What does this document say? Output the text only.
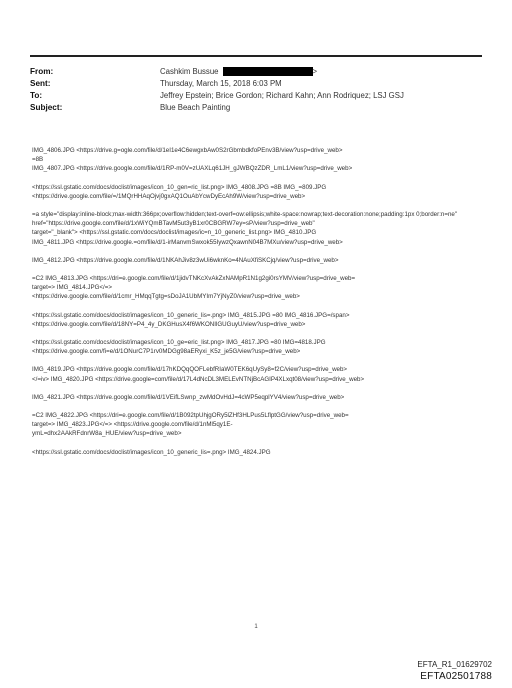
From:	Cashkim Bussue	>
Sent:	Thursday, March 15, 2018 6:03 PM
To:	Jeffrey Epstein; Brice Gordon; Richard Kahn; Ann Rodriquez; LSJ GSJ
Subject:	Blue Beach Painting

IMG_4806.JPG <https://drive.g=ogle.com/file/d/1eI1e4C6ewgxbAw0S2rGbmbdkfoPEnv3B/view?usp=drive_web>
=8B
IMG_4807.JPG <https://drive.google.com/file/d/1RP-m0V=zUAXLq61JH_gJWBQzZDR_LmL1/view?usp=drive_web>

<https://ssl.gstatic.com/docs/doclist/images/icon_10_gen=ric_list.png> IMG_4808.JPG =8B IMG_=809.JPG
<https://drive.google.com/file/=/1MQrHHAqOjvj0gxAQ1OuAbYcwDyEcAh9W/view?usp=drive_web>

=a style="display:inline-block;max-width:366px;overflow:hidden;text-overf=ow:ellipsis;white-space:nowrap;text-decoration:none;padding:1px 0;border:n=ne"
href="https://drive.google.com/file/d/1xWiYQmBTavM5ut3yB1xr0CBGRW7ey=sP/view?usp=drive_web"
target="_blank"> <https://ssl.gstatic.com/docs/doclist/images/ic=n_10_generic_list.png> IMG_4810.JPG
IMG_4811.JPG <https://drive.google.=om/file/d/1-irManvmSwxok55IywzQxawnN04B7MXu/view?usp=drive_web>

IMG_4812.JPG <https://drive.google.com/file/d/1NKAhJiv8z3wUi6wknKo=4NAuXfiSKCjq/view?usp=drive_web>

=C2 IMG_4813.JPG <https://dri=e.google.com/file/d/1jidvTNKcXvAkZxNAMpR1N1g2gi0rsYMV/view?usp=drive_web=
target=> IMG_4814.JPG</=>
<https://drive.google.com/file/d/1cmr_HMqqTgtg=sDoJA1UbMYIm7YjNyZ0/view?usp=drive_web>

<https://ssl.gstatic.com/docs/doclist/images/icon_10_generic_lis=.png> IMG_4815.JPG =80 IMG_4816.JPG=/span>
<https://drive.google.com/file/d/18NY=P4_4y_DKGHusX4f6WKONIlGUGuyU/view?usp=drive_web>

<https://ssl.gstatic.com/docs/doclist/images/icon_10_ge=eric_list.png> IMG_4817.JPG =80 IMG=4818.JPG
<https://drive.google.com/fi=e/d/1ONurC7P1rv0MDGg98aERyxi_K5z_je5G/view?usp=drive_web>

IMG_4819.JPG <https://drive.google.com/file/d/17hKDQqQOFLebfRIaW0TEK6qUySy8=f2C/view?usp=drive_web>
</=iv> IMG_4820.JPG <https://drive.google=com/file/d/17L4dNcDL3MELEvNTNjBcAGIP4XLxqt08/view?usp=drive_web>

IMG_4821.JPG <https://drive.google.com/file/d/1VEifLSwnp_zwMdOvHdJ=4cWP5eqplYV4/view?usp=drive_web>

=C2 IMG_4822.JPG <https://dri=e.google.com/file/d/1B092tpUhjgORy5lZHf3HLPus5LflptGG/view?usp=drive_web=
target=> IMG_4823.JPG</=> <https://drive.google.com/file/d/1nMl5qy1E-
ymL=dhx2AAkRFdnrW8a_HUE/view?usp=drive_web>

<https://ssl.gstatic.com/docs/doclist/images/icon_10_generic_lis=.png> IMG_4824.JPG

1
EFTA_R1_01629702
EFTA02501788
